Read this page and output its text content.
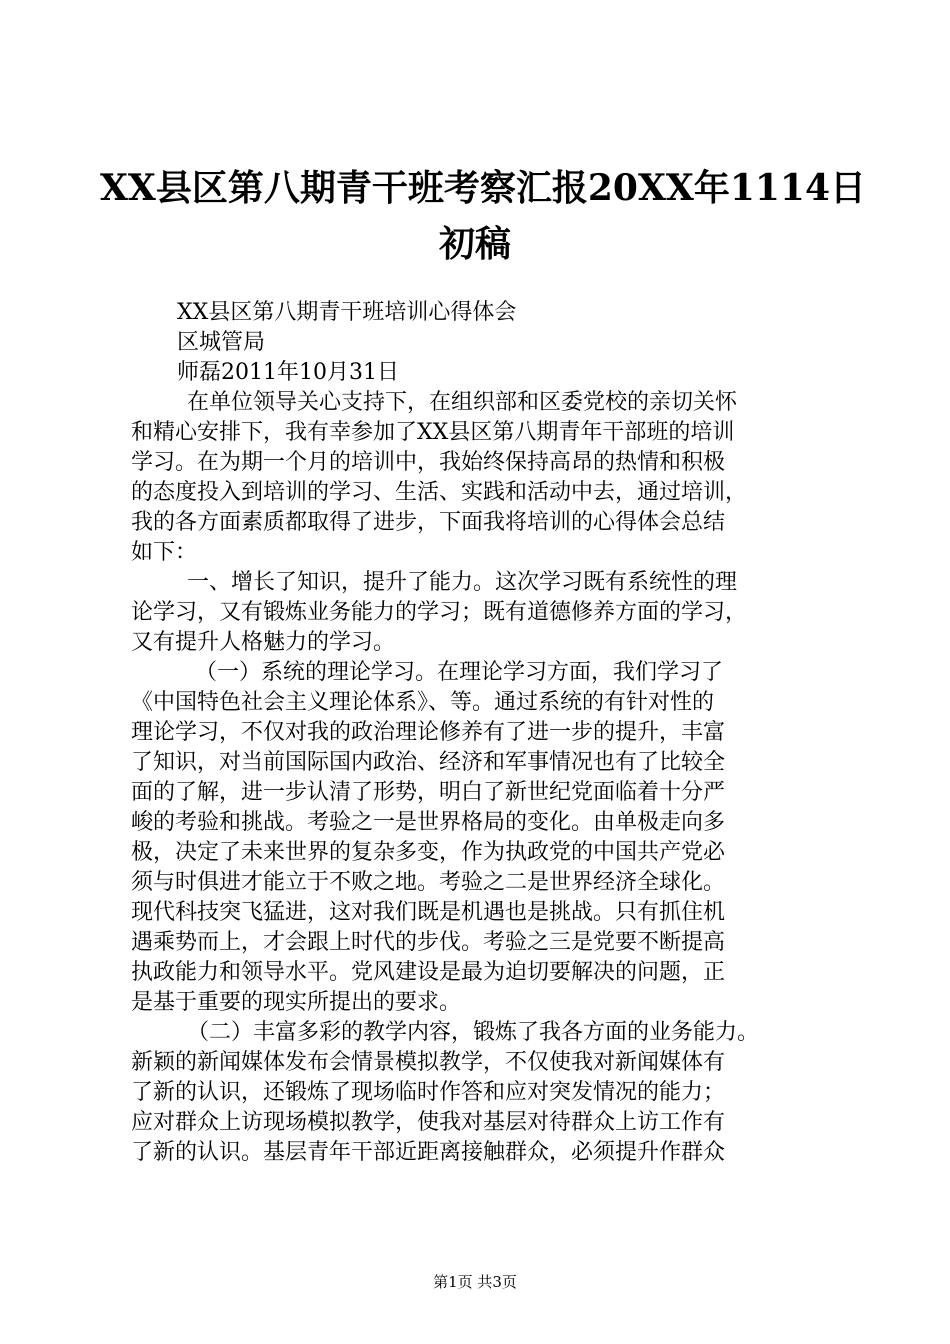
XX县区第八期青干班考察汇报20XX年1114日
初稿
XX县区第八期青干班培训心得体会
区城管局
师磊2011年10月31日
在单位领导关心支持下，在组织部和区委党校的亲切关怀
和精心安排下，我有幸参加了XX县区第八期青年干部班的培训
学习。在为期一个月的培训中，我始终保持高昂的热情和积极
的态度投入到培训的学习、生活、实践和活动中去，通过培训，
我的各方面素质都取得了进步，下面我将培训的心得体会总结
如下：
一、增长了知识，提升了能力。这次学习既有系统性的理
论学习，又有锻炼业务能力的学习；既有道德修养方面的学习，
又有提升人格魅力的学习。
（一）系统的理论学习。在理论学习方面，我们学习了
《中国特色社会主义理论体系》、等。通过系统的有针对性的
理论学习，不仅对我的政治理论修养有了进一步的提升，丰富
了知识，对当前国际国内政治、经济和军事情况也有了比较全
面的了解，进一步认清了形势，明白了新世纪党面临着十分严
峻的考验和挑战。考验之一是世界格局的变化。由单极走向多
极，决定了未来世界的复杂多变，作为执政党的中国共产党必
须与时俱进才能立于不败之地。考验之二是世界经济全球化。
现代科技突飞猛进，这对我们既是机遇也是挑战。只有抓住机
遇乘势而上，才会跟上时代的步伐。考验之三是党要不断提高
执政能力和领导水平。党风建设是最为迫切要解决的问题，正
是基于重要的现实所提出的要求。
（二）丰富多彩的教学内容，锻炼了我各方面的业务能力。
新颖的新闻媒体发布会情景模拟教学，不仅使我对新闻媒体有
了新的认识，还锻炼了现场临时作答和应对突发情况的能力；
应对群众上访现场模拟教学，使我对基层对待群众上访工作有
了新的认识。基层青年干部近距离接触群众，必须提升作群众
第1页 共3页
